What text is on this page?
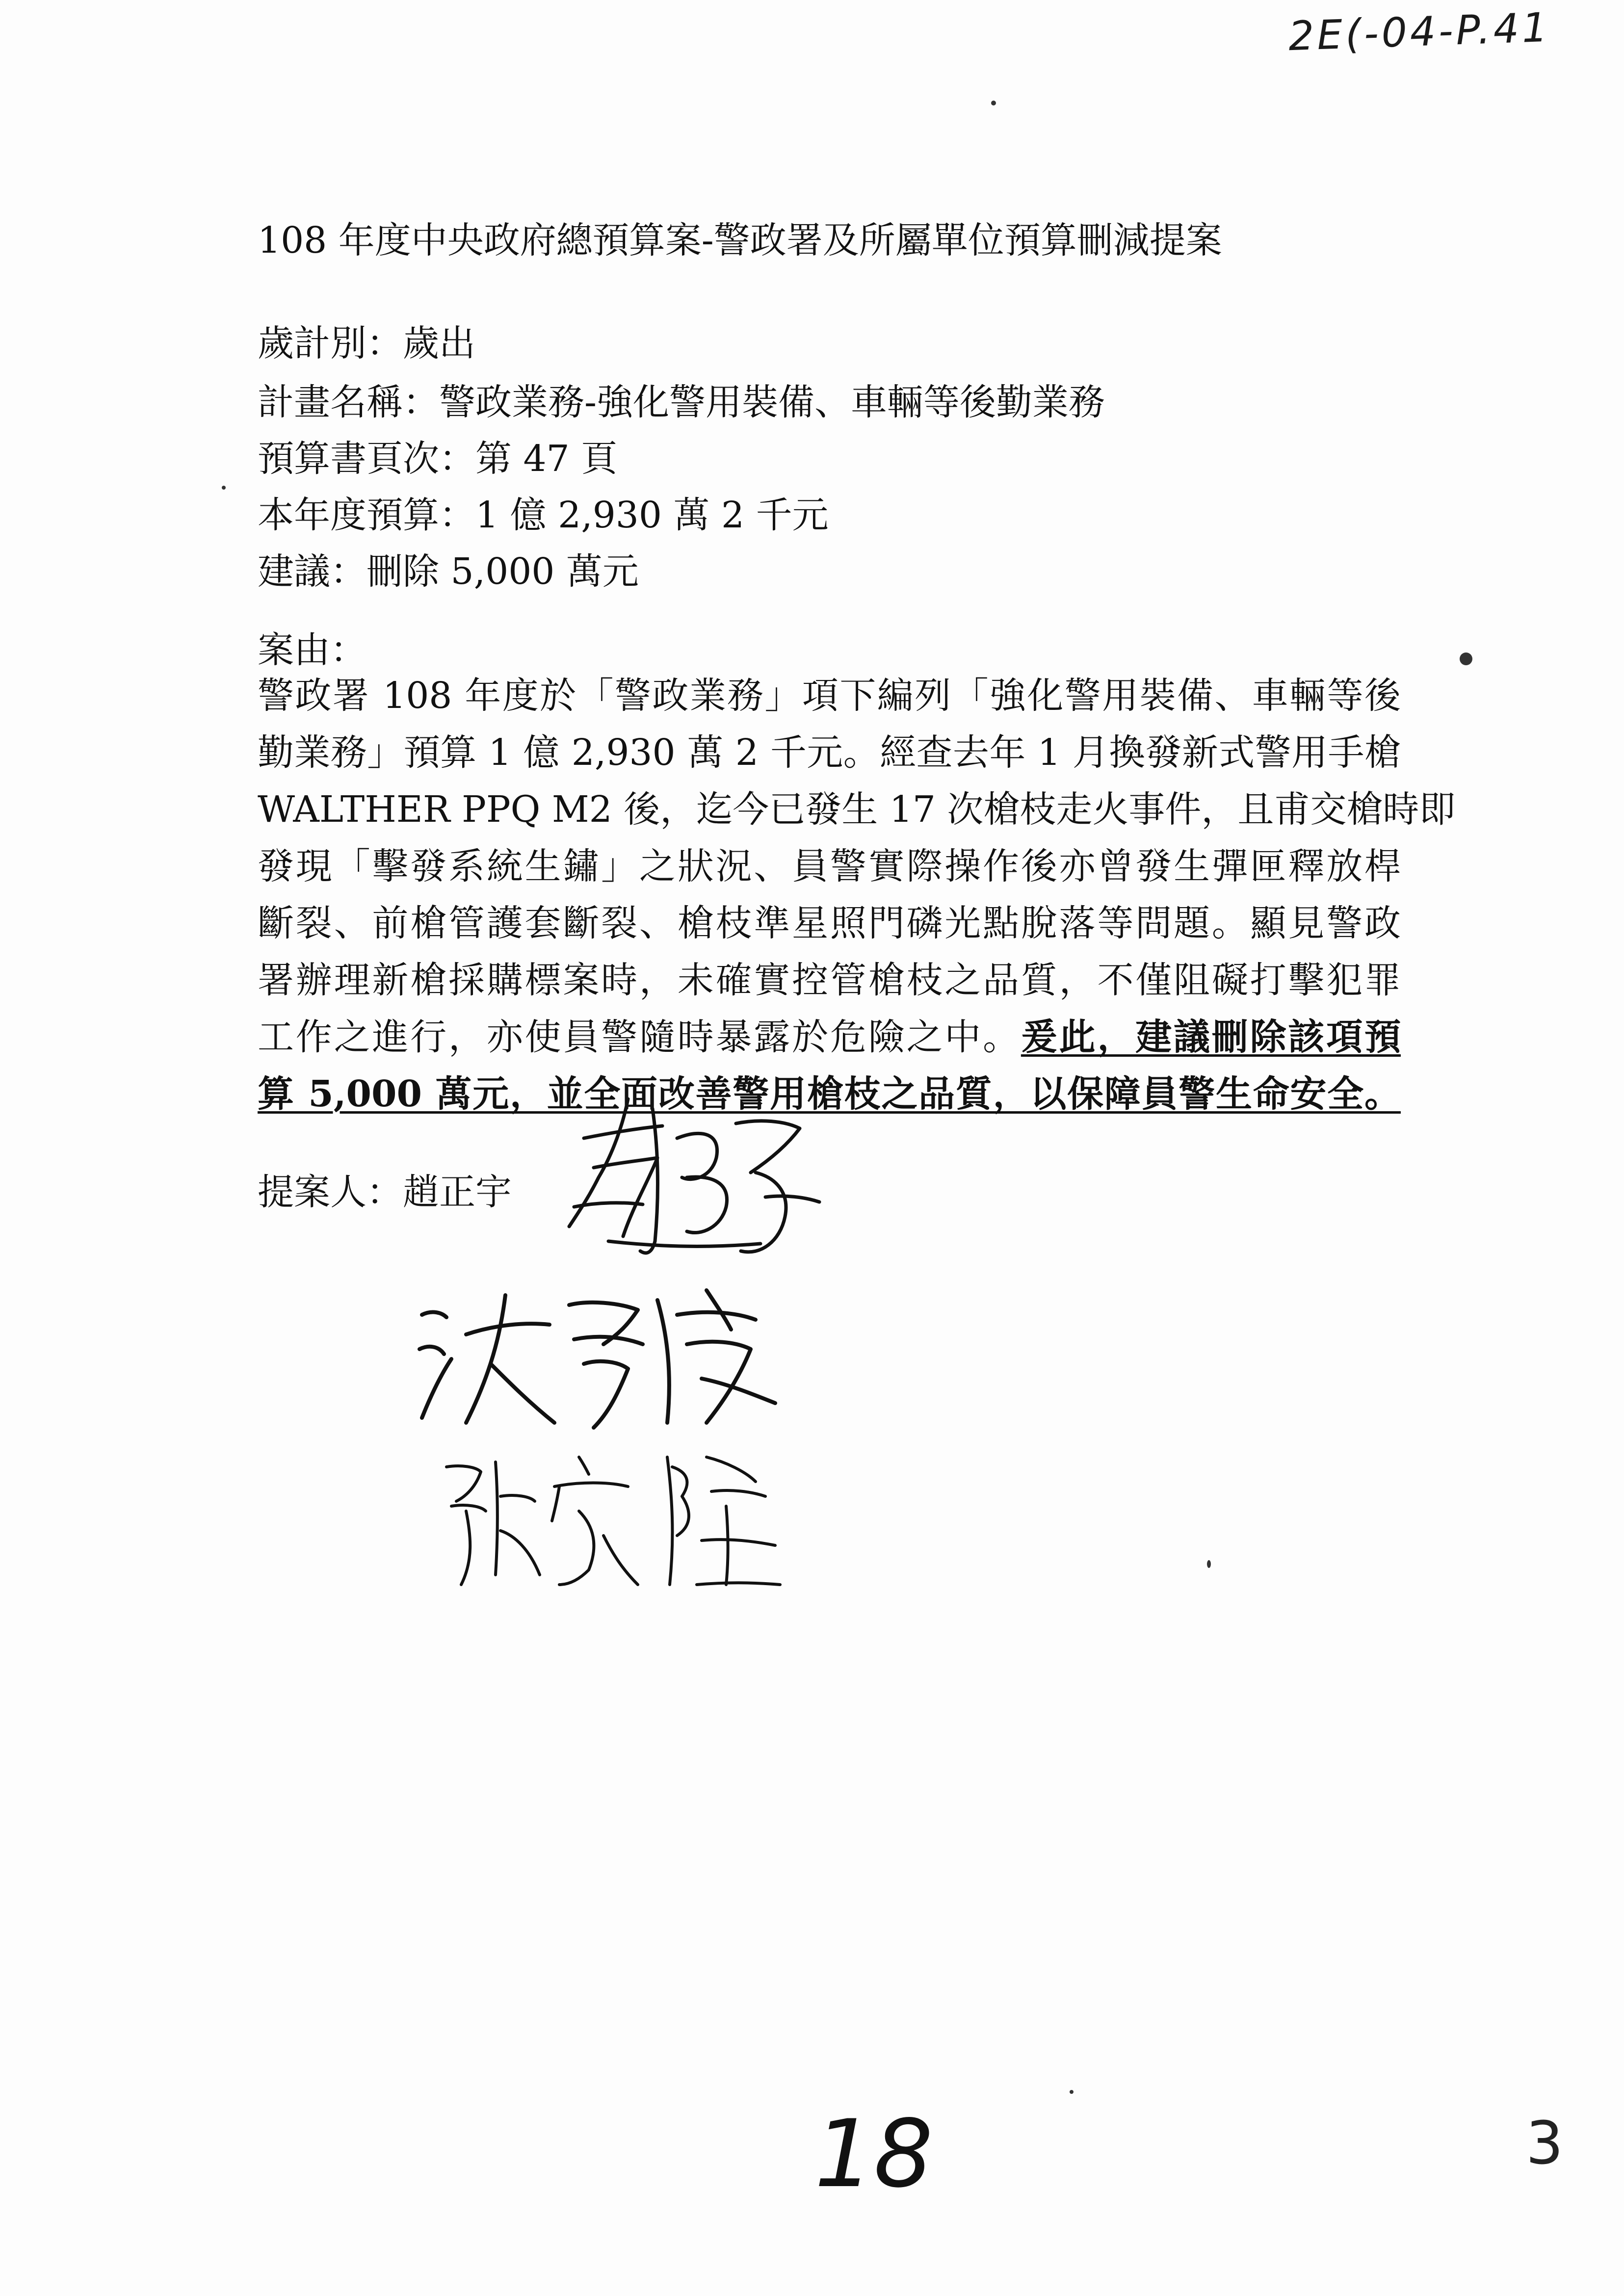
2E(-04-P.41
108 年度中央政府總預算案-警政署及所屬單位預算刪減提案
歲計別：歲出
計畫名稱：警政業務-強化警用裝備、車輛等後勤業務
預算書頁次：第 47 頁
本年度預算：1 億 2,930 萬 2 千元
建議：刪除 5,000 萬元
案由：
警政署 108 年度於「警政業務」項下編列「強化警用裝備、車輛等後
勤業務」預算 1 億 2,930 萬 2 千元。經查去年 1 月換發新式警用手槍
WALTHER PPQ M2 後，迄今已發生 17 次槍枝走火事件，且甫交槍時即
發現「擊發系統生鏽」之狀況、員警實際操作後亦曾發生彈匣釋放桿
斷裂、前槍管護套斷裂、槍枝準星照門磷光點脫落等問題。顯見警政
署辦理新槍採購標案時，未確實控管槍枝之品質，不僅阻礙打擊犯罪
工作之進行，亦使員警隨時暴露於危險之中。爰此，建議刪除該項預
算 5,000 萬元，並全面改善警用槍枝之品質，以保障員警生命安全。
提案人：趙正宇
18	3
